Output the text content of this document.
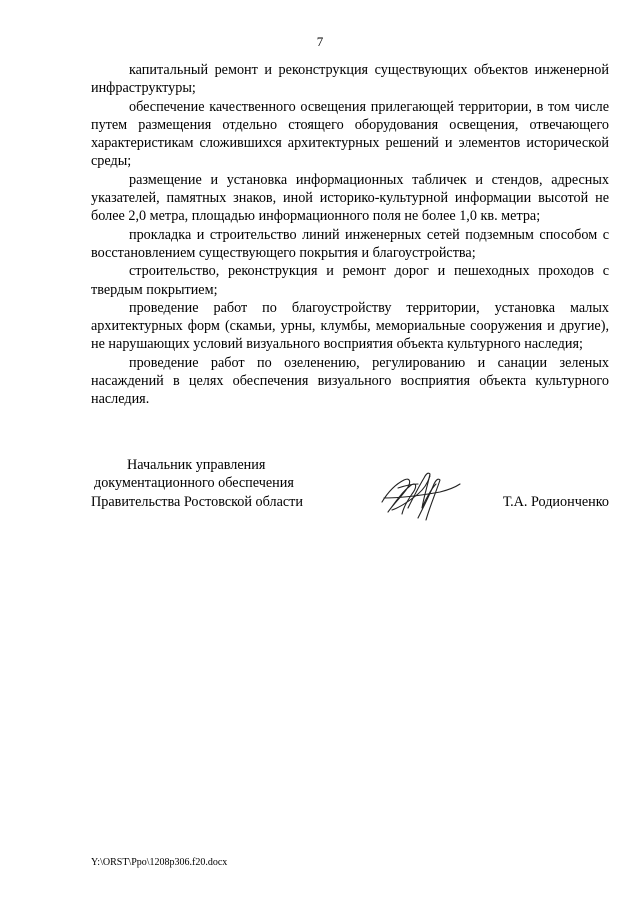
7

капитальный ремонт и реконструкция существующих объектов инженерной инфраструктуры;

обеспечение качественного освещения прилегающей территории, в том числе путем размещения отдельно стоящего оборудования освещения, отвечающего характеристикам сложившихся архитектурных решений и элементов исторической среды;

размещение и установка информационных табличек и стендов, адресных указателей, памятных знаков, иной историко-культурной информации высотой не более 2,0 метра, площадью информационного поля не более 1,0 кв. метра;

прокладка и строительство линий инженерных сетей подземным способом с восстановлением существующего покрытия и благоустройства;

строительство, реконструкция и ремонт дорог и пешеходных проходов с твердым покрытием;

проведение работ по благоустройству территории, установка малых архитектурных форм (скамьи, урны, клумбы, мемориальные сооружения и другие), не нарушающих условий визуального восприятия объекта культурного наследия;

проведение работ по озеленению, регулированию и санации зеленых насаждений в целях обеспечения визуального восприятия объекта культурного наследия.

Начальник управления
документационного обеспечения
Правительства Ростовской области	Т.А. Родионченко
Y:\ORST\Ppo\1208p306.f20.docx
